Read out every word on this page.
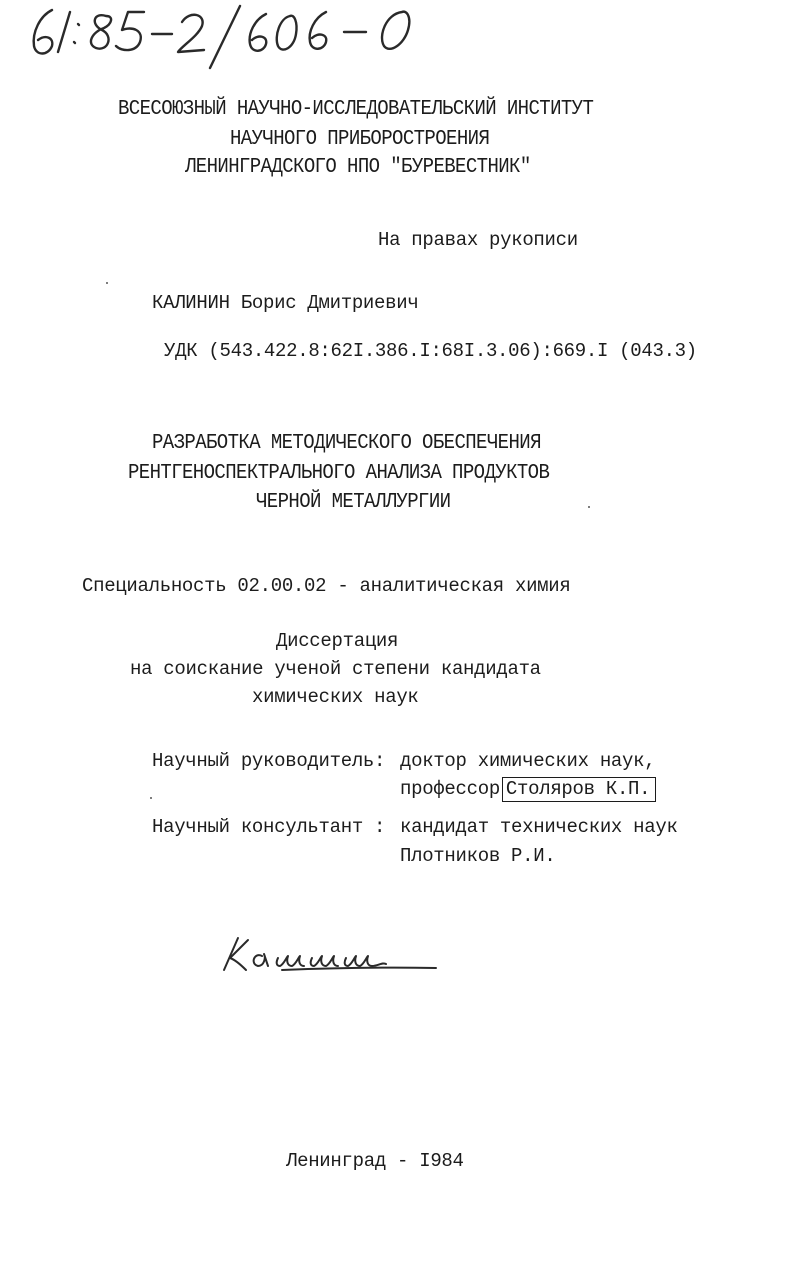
ВСЕСОЮЗНЫЙ НАУЧНО-ИССЛЕДОВАТЕЛЬСКИЙ ИНСТИТУТ
НАУЧНОГО ПРИБОРОСТРОЕНИЯ
ЛЕНИНГРАДСКОГО НПО "БУРЕВЕСТНИК"
На правах рукописи
КАЛИНИН Борис Дмитриевич
УДК (543.422.8:62I.386.I:68I.3.06):669.I (043.3)
РАЗРАБОТКА МЕТОДИЧЕСКОГО ОБЕСПЕЧЕНИЯ
РЕНТГЕНОСПЕКТРАЛЬНОГО АНАЛИЗА ПРОДУКТОВ
ЧЕРНОЙ МЕТАЛЛУРГИИ
Специальность 02.00.02 - аналитическая химия
Диссертация
на соискание ученой степени кандидата
химических наук
Научный руководитель: доктор химических наук,
профессор Столяров К.П.
Научный консультант : кандидат технических наук
Плотников Р.И.
Ленинград - I984
